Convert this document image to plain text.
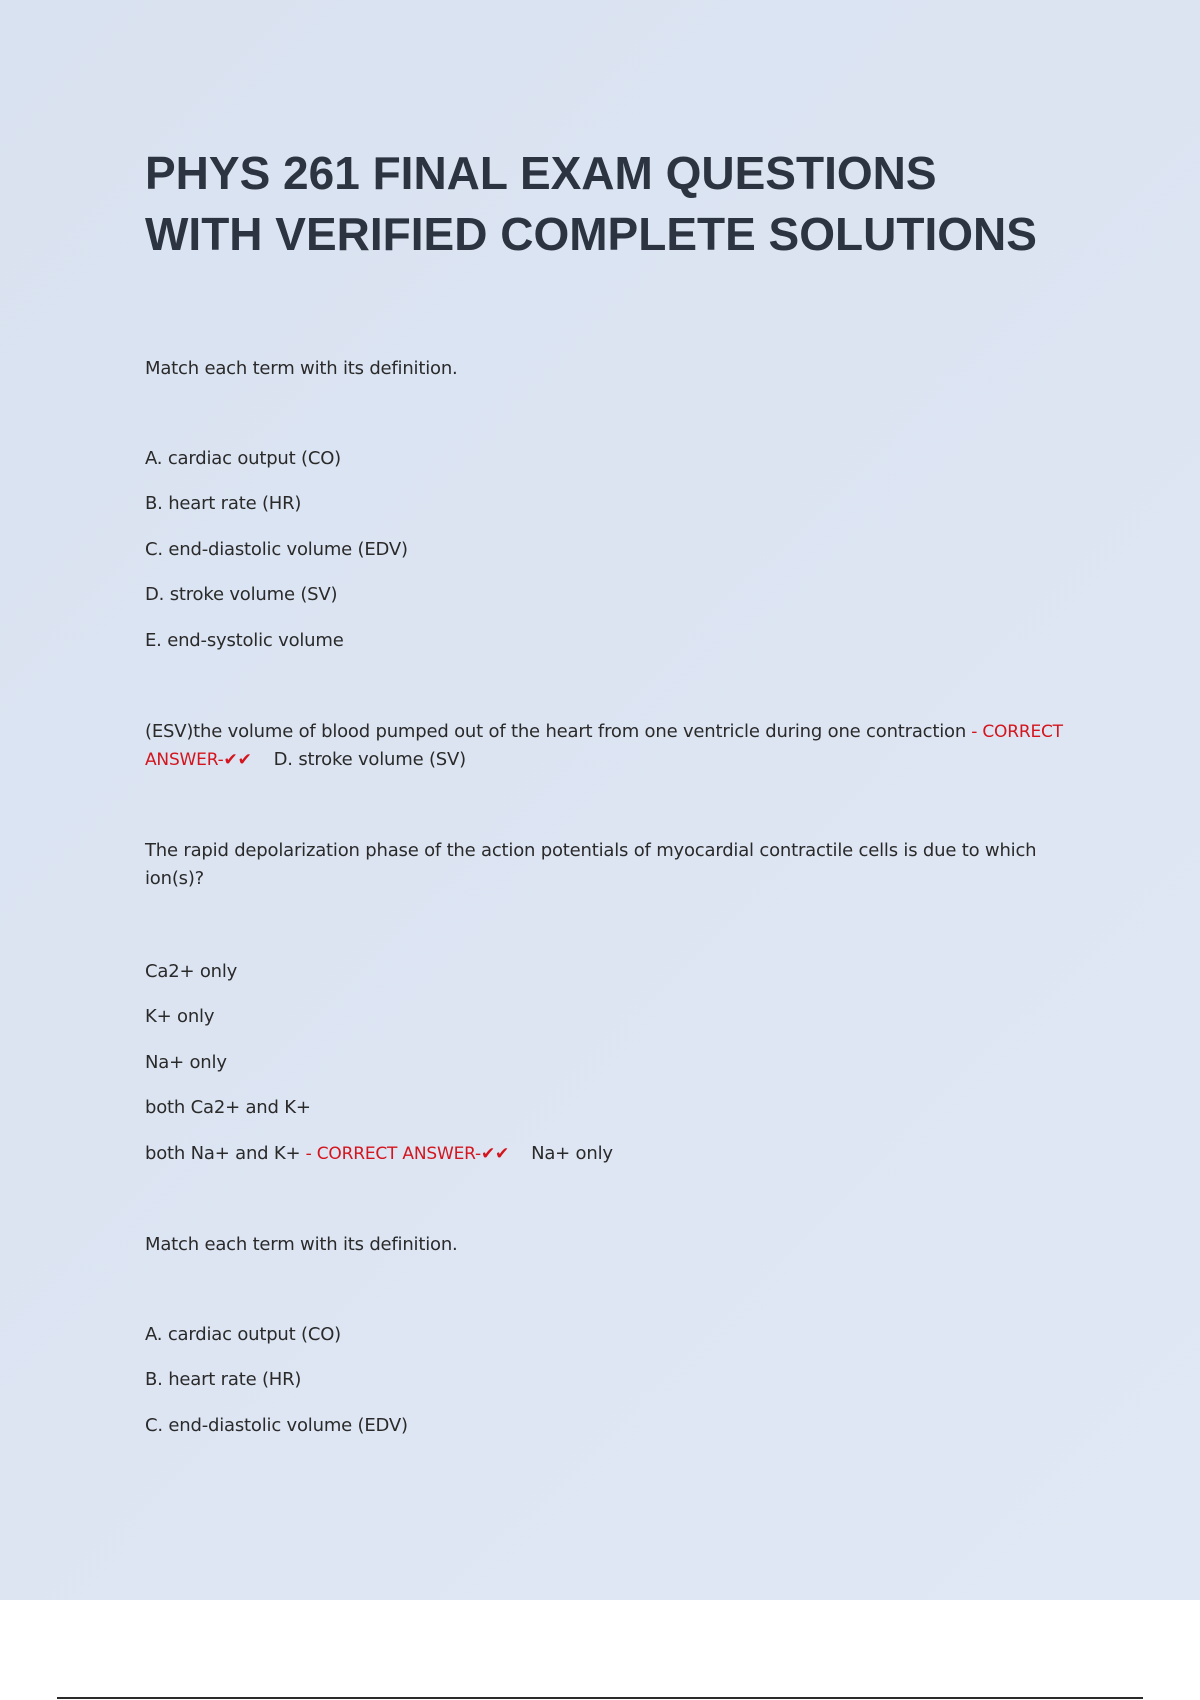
PHYS 261 FINAL EXAM QUESTIONS
WITH VERIFIED COMPLETE SOLUTIONS
Match each term with its definition.
A. cardiac output (CO)
B. heart rate (HR)
C. end-diastolic volume (EDV)
D. stroke volume (SV)
E. end-systolic volume
(ESV)the volume of blood pumped out of the heart from one ventricle during one contraction - CORRECT
ANSWER-✔✔ D. stroke volume (SV)
The rapid depolarization phase of the action potentials of myocardial contractile cells is due to which ion(s)?
Ca2+ only
K+ only
Na+ only
both Ca2+ and K+
both Na+ and K+ - CORRECT ANSWER-✔✔ Na+ only
Match each term with its definition.
A. cardiac output (CO)
B. heart rate (HR)
C. end-diastolic volume (EDV)
